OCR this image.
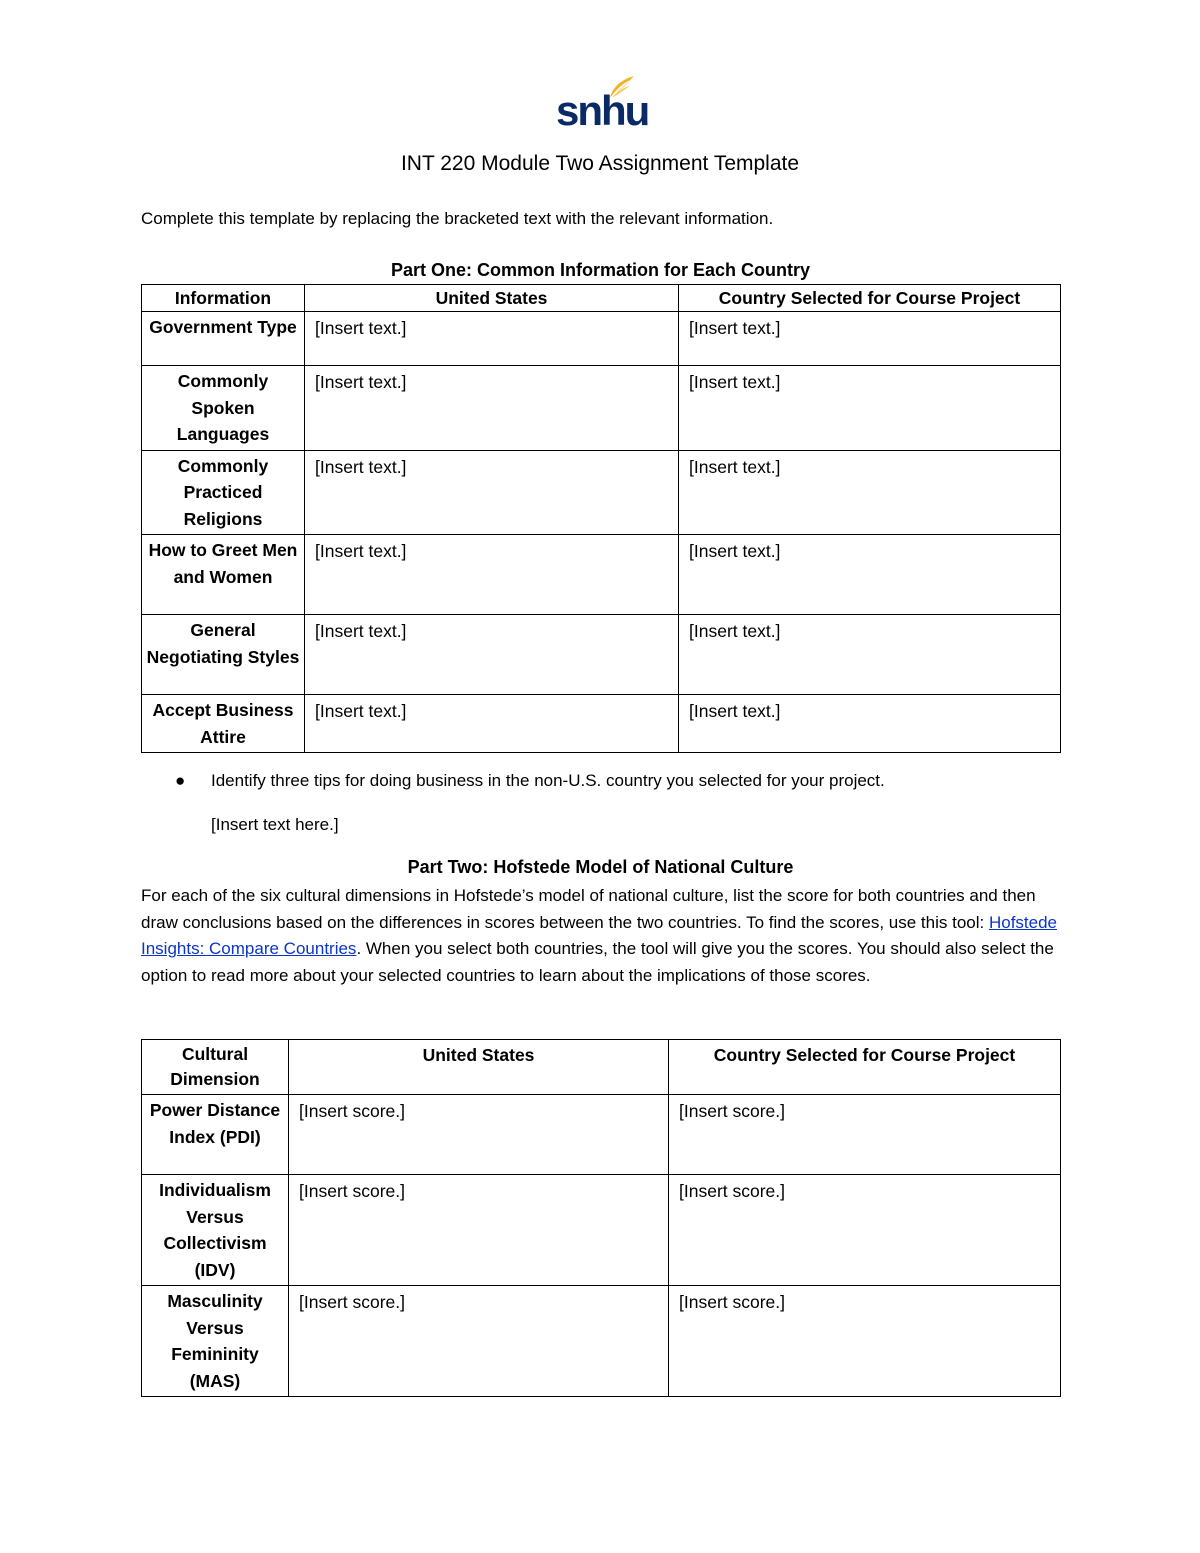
snhu
INT 220 Module Two Assignment Template
Complete this template by replacing the bracketed text with the relevant information.
Part One: Common Information for Each Country
Information	United States	Country Selected for Course Project
Government Type	[Insert text.]	[Insert text.]
Commonly Spoken Languages	[Insert text.]	[Insert text.]
Commonly Practiced Religions	[Insert text.]	[Insert text.]
How to Greet Men and Women	[Insert text.]	[Insert text.]
General Negotiating Styles	[Insert text.]	[Insert text.]
Accept Business Attire	[Insert text.]	[Insert text.]
● Identify three tips for doing business in the non-U.S. country you selected for your project.
[Insert text here.]
Part Two: Hofstede Model of National Culture
For each of the six cultural dimensions in Hofstede’s model of national culture, list the score for both countries and then draw conclusions based on the differences in scores between the two countries. To find the scores, use this tool: Hofstede Insights: Compare Countries. When you select both countries, the tool will give you the scores. You should also select the option to read more about your selected countries to learn about the implications of those scores.
Cultural Dimension	United States	Country Selected for Course Project
Power Distance Index (PDI)	[Insert score.]	[Insert score.]
Individualism Versus Collectivism (IDV)	[Insert score.]	[Insert score.]
Masculinity Versus Femininity (MAS)	[Insert score.]	[Insert score.]
